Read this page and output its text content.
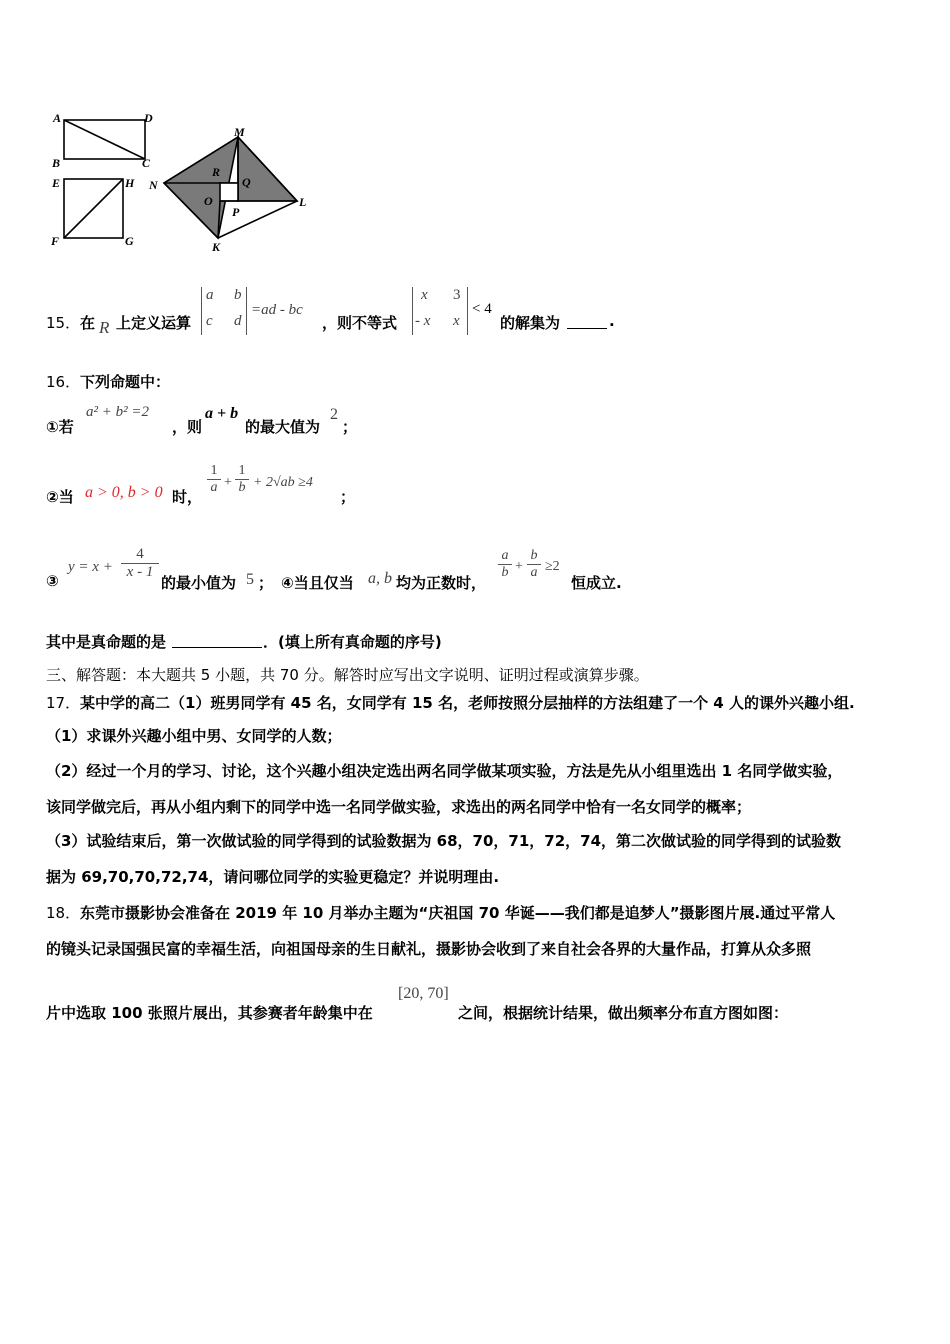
A	D
B	C
E	H
F	G
M
N
K
L
R
Q
O
P
15． 在 R 上定义运算
a b
c d
=ad - bc
，则不等式
x 3
- x x
< 4
的解集为	.
16． 下列命题中：
①若
a² + b² =2
，则
a + b
的最大值为
2
；
②当 a > 0, b > 0 时，
$\frac{1}{a} + \frac{1}{b} + 2√ab \ge 4$
；
③
$y = x + \frac{4}{x - 1}$
的最小值为 5 ； ④当且仅当 a, b 均为正数时，
$\frac{a}{b} + \frac{b}{a} \ge 2$
恒成立.
其中是真命题的是	．(填上所有真命题的序号)
三、解答题：本大题共 5 小题，共 70 分。解答时应写出文字说明、证明过程或演算步骤。
17． 某中学的高二（1）班男同学有 45 名，女同学有 15 名，老师按照分层抽样的方法组建了一个 4 人的课外兴趣小组.
（1）求课外兴趣小组中男、女同学的人数；
（2）经过一个月的学习、讨论，这个兴趣小组决定选出两名同学做某项实验，方法是先从小组里选出 1 名同学做实验，
该同学做完后，再从小组内剩下的同学中选一名同学做实验，求选出的两名同学中恰有一名女同学的概率；
（3）试验结束后，第一次做试验的同学得到的试验数据为 68，70，71，72，74，第二次做试验的同学得到的试验数
据为 69,70,70,72,74，请问哪位同学的实验更稳定？并说明理由.
18． 东莞市摄影协会准备在 2019 年 10 月举办主题为“庆祖国 70 华诞——我们都是追梦人”摄影图片展.通过平常人
的镜头记录国强民富的幸福生活，向祖国母亲的生日献礼，摄影协会收到了来自社会各界的大量作品，打算从众多照
片中选取 100 张照片展出，其参赛者年龄集中在
[20, 70]
之间，根据统计结果，做出频率分布直方图如图：
